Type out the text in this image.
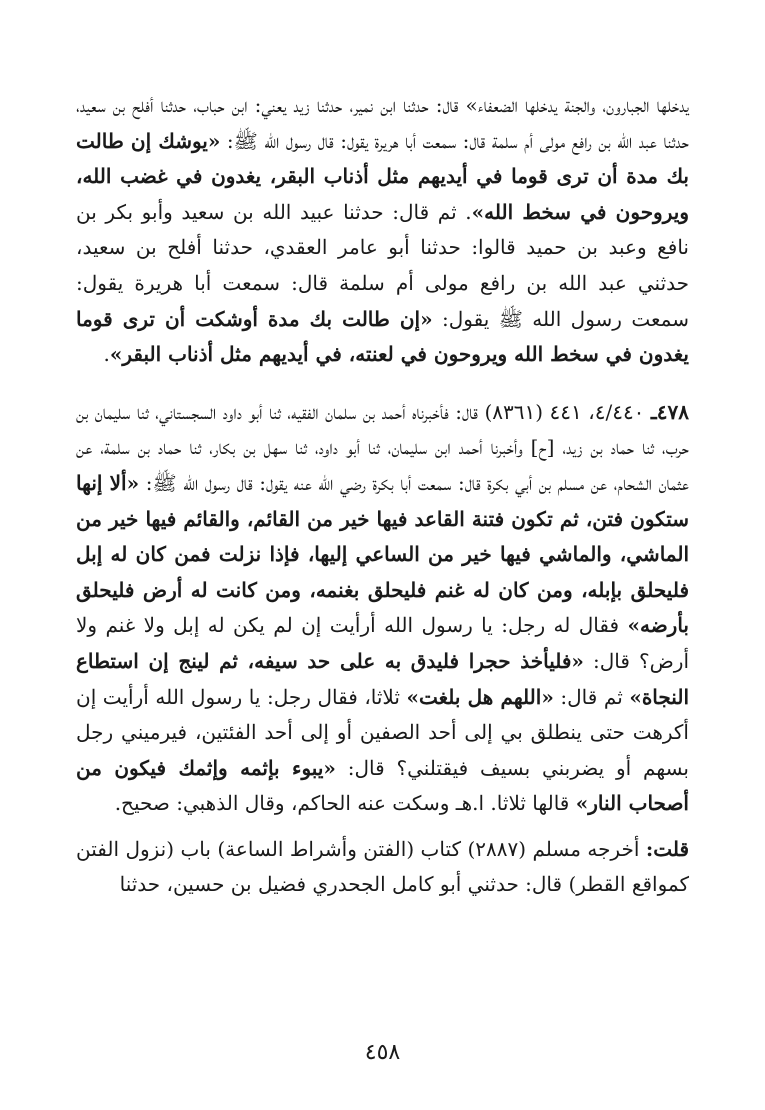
يدخلها الجبارون، والجنة يدخلها الضعفاء» قال: حدثنا ابن نمير، حدثنا زيد يعني: ابن حباب، حدثنا أفلح بن سعيد، حدثنا عبد الله بن رافع مولى أم سلمة قال: سمعت أبا هريرة يقول: قال رسول الله ﷺ: «يوشك إن طالت بك مدة أن ترى قوما في أيديهم مثل أذناب البقر، يغدون في غضب الله، ويروحون في سخط الله». ثم قال: حدثنا عبيد الله بن سعيد وأبو بكر بن نافع وعبد بن حميد قالوا: حدثنا أبو عامر العقدي، حدثنا أفلح بن سعيد، حدثني عبد الله بن رافع مولى أم سلمة قال: سمعت أبا هريرة يقول: سمعت رسول الله ﷺ يقول: «إن طالت بك مدة أوشكت أن ترى قوما يغدون في سخط الله ويروحون في لعنته، في أيديهم مثل أذناب البقر».

٤٧٨ـ ٤/٤٤٠، ٤٤١ (٨٣٦١) قال: فأخبرناه أحمد بن سلمان الفقيه، ثنا أبو داود السجستاني، ثنا سليمان بن حرب، ثنا حماد بن زيد، [ح] وأخبرنا أحمد ابن سليمان، ثنا أبو داود، ثنا سهل بن بكار، ثنا حماد بن سلمة، عن عثمان الشحام، عن مسلم بن أبي بكرة قال: سمعت أبا بكرة رضي الله عنه يقول: قال رسول الله ﷺ: «ألا إنها ستكون فتن، ثم تكون فتنة القاعد فيها خير من القائم، والقائم فيها خير من الماشي، والماشي فيها خير من الساعي إليها، فإذا نزلت فمن كان له إبل فليحلق بإبله، ومن كان له غنم فليحلق بغنمه، ومن كانت له أرض فليحلق بأرضه» فقال له رجل: يا رسول الله أرأيت إن لم يكن له إبل ولا غنم ولا أرض؟ قال: «فليأخذ حجرا فليدق به على حد سيفه، ثم لينج إن استطاع النجاة» ثم قال: «اللهم هل بلغت» ثلاثا، فقال رجل: يا رسول الله أرأيت إن أكرهت حتى ينطلق بي إلى أحد الصفين أو إلى أحد الفئتين، فيرميني رجل بسهم أو يضربني بسيف فيقتلني؟ قال: «يبوء بإثمه وإثمك فيكون من أصحاب النار» قالها ثلاثا. ا.هـ وسكت عنه الحاكم، وقال الذهبي: صحيح.

قلت: أخرجه مسلم (٢٨٨٧) كتاب (الفتن وأشراط الساعة) باب (نزول الفتن كمواقع القطر) قال: حدثني أبو كامل الجحدري فضيل بن حسين، حدثنا

٤٥٨
